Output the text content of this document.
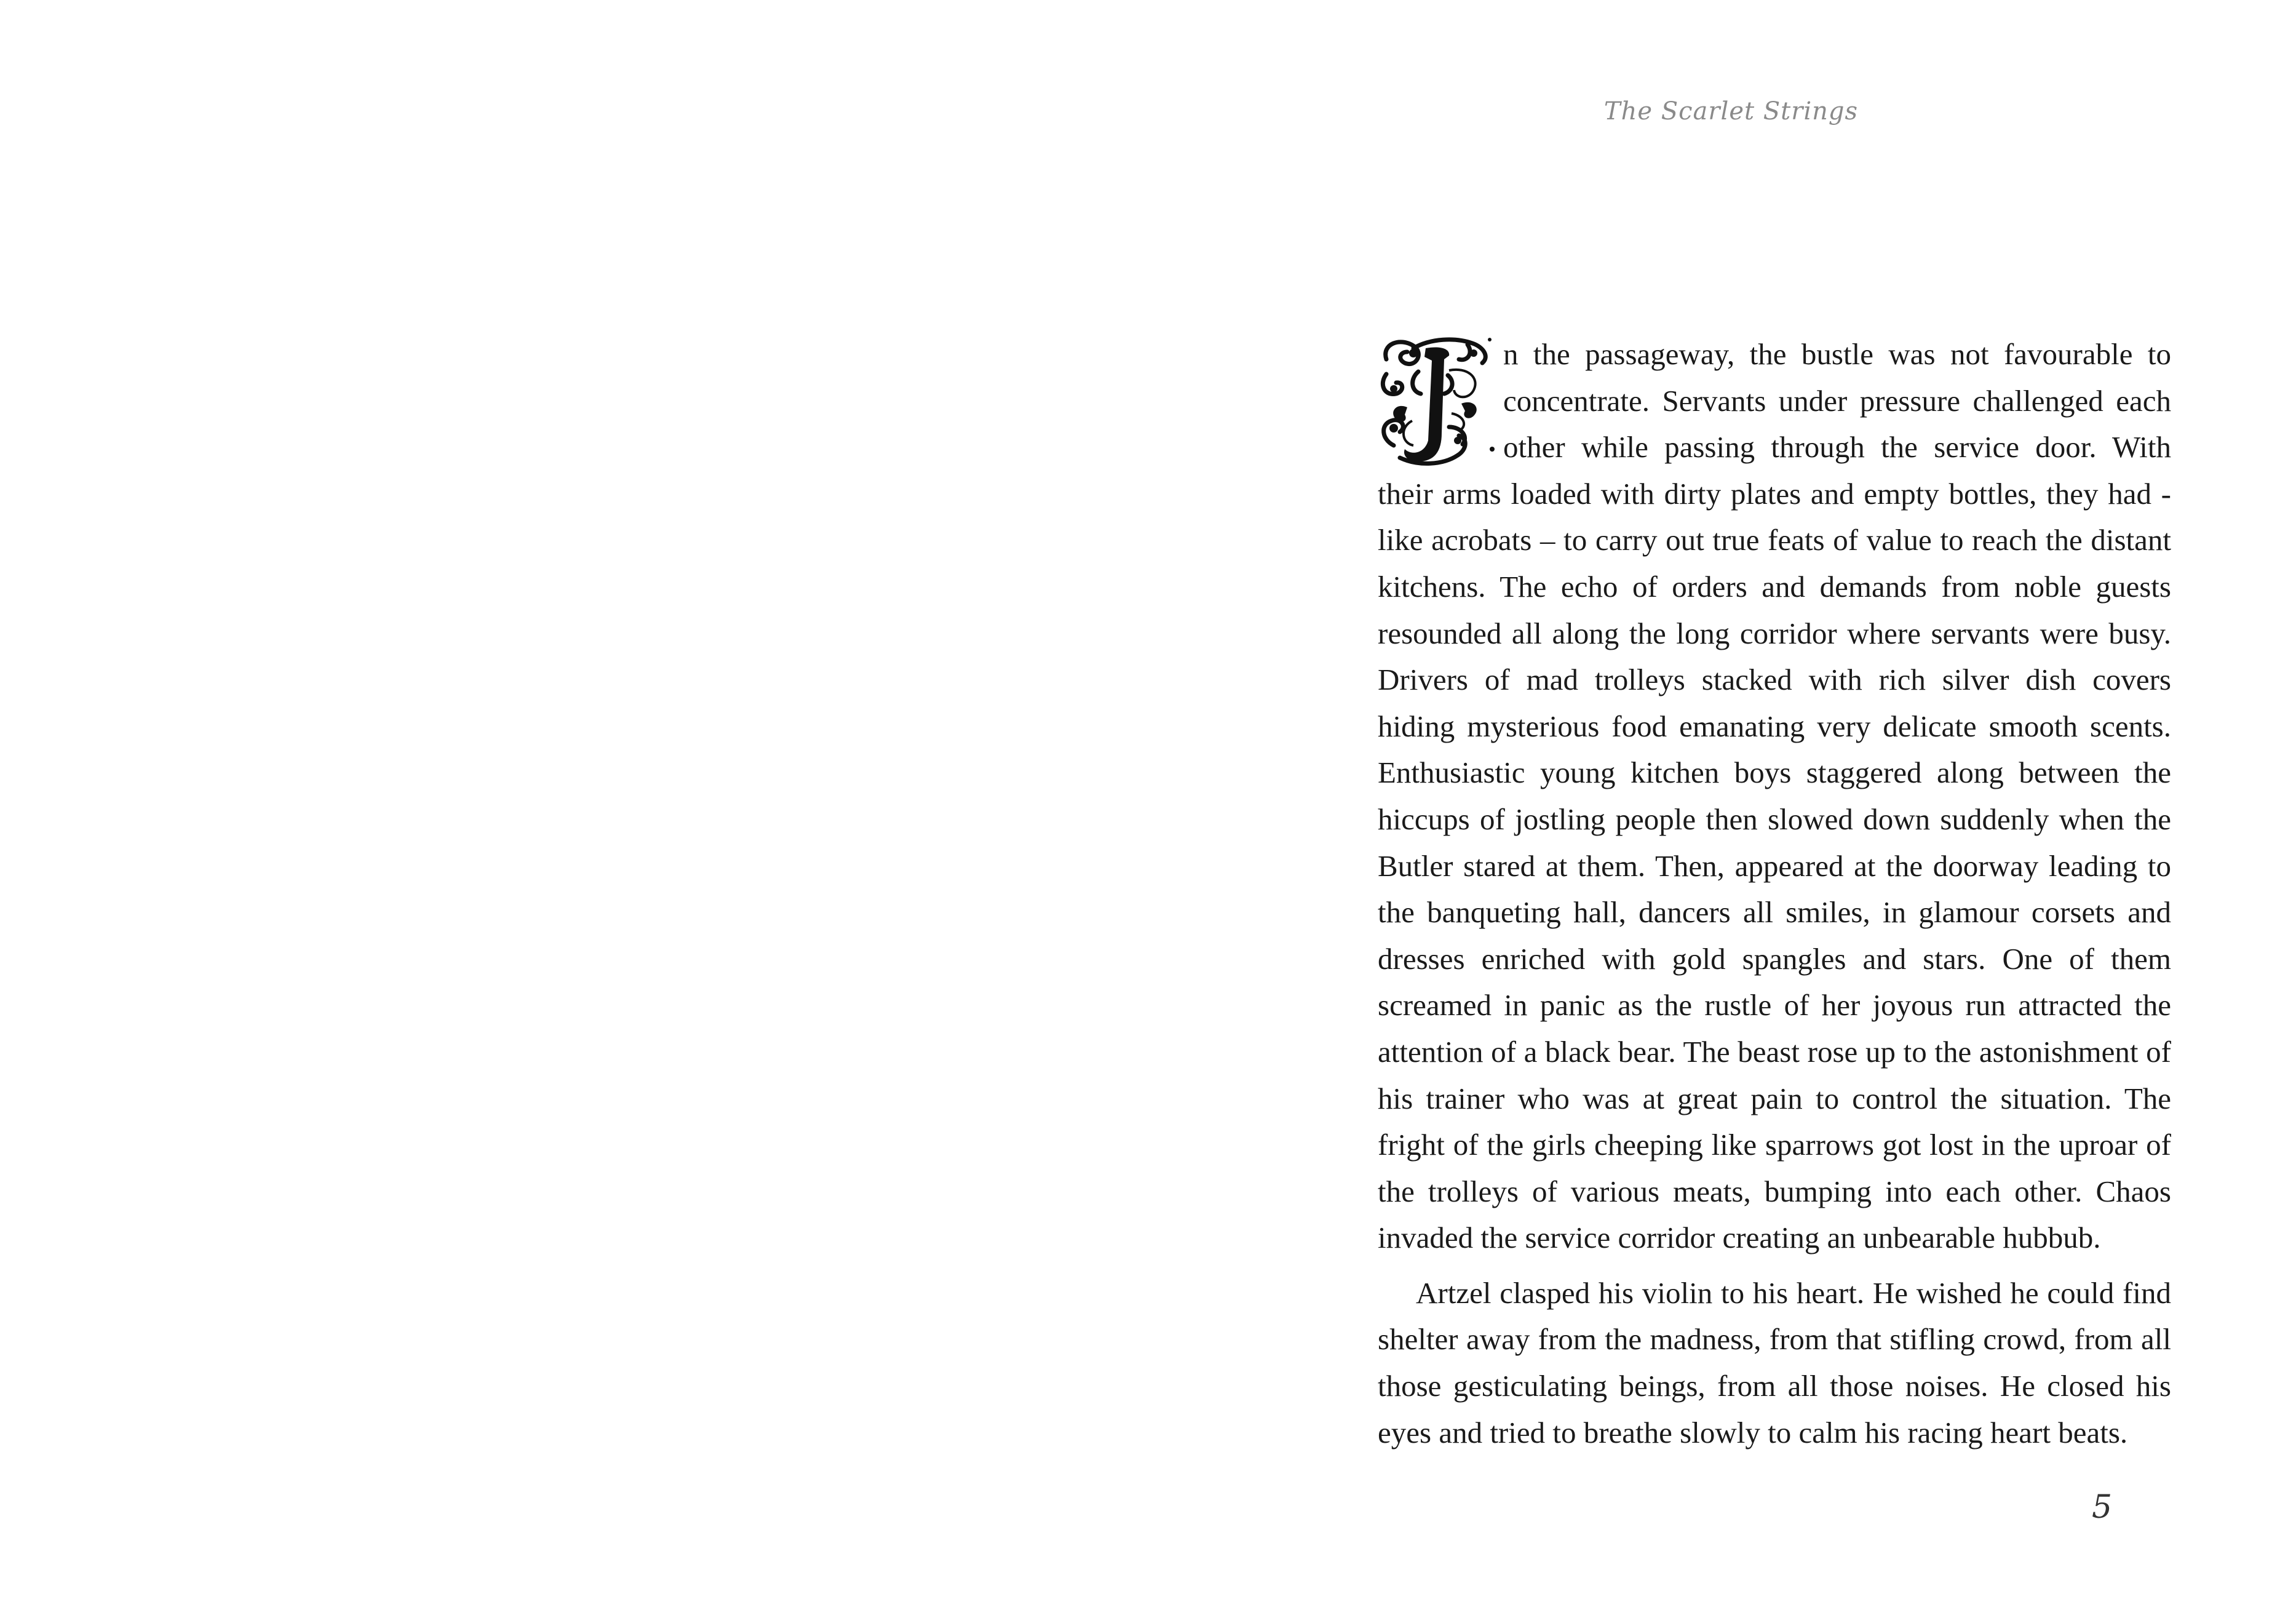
The Scarlet Strings

n the passageway, the bustle was not favourable to concentrate. Servants under pressure challenged each other while passing through the service door. With their arms loaded with dirty plates and empty bottles, they had - like acrobats – to carry out true feats of value to reach the distant kitchens. The echo of orders and demands from noble guests resounded all along the long corridor where servants were busy. Drivers of mad trolleys stacked with rich silver dish covers hiding mysterious food emanating very delicate smooth scents. Enthusiastic young kitchen boys staggered along between the hiccups of jostling people then slowed down suddenly when the Butler stared at them. Then, appeared at the doorway leading to the banqueting hall, dancers all smiles, in glamour corsets and dresses enriched with gold spangles and stars. One of them screamed in panic as the rustle of her joyous run attracted the attention of a black bear. The beast rose up to the astonishment of his trainer who was at great pain to control the situation. The fright of the girls cheeping like sparrows got lost in the uproar of the trolleys of various meats, bumping into each other. Chaos invaded the service corridor creating an unbearable hubbub.

Artzel clasped his violin to his heart. He wished he could find shelter away from the madness, from that stifling crowd, from all those gesticulating beings, from all those noises. He closed his eyes and tried to breathe slowly to calm his racing heart beats.

5
